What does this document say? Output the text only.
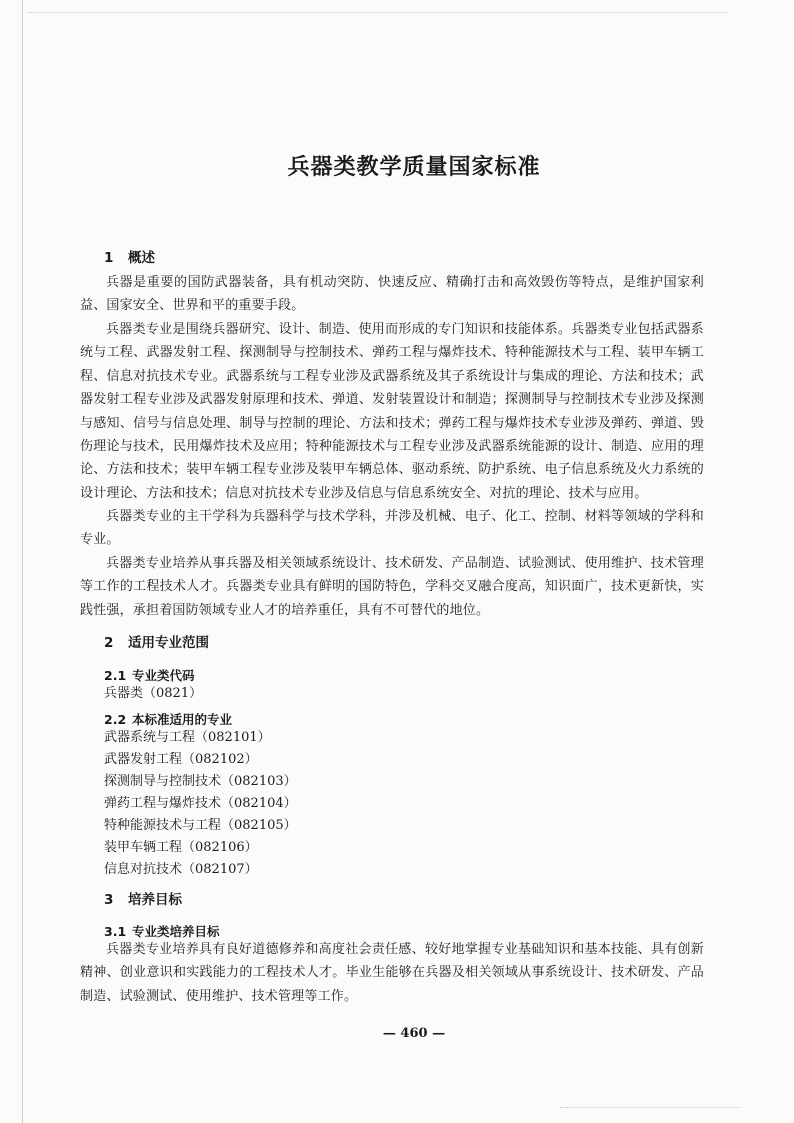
兵器类教学质量国家标准

1 概述

兵器是重要的国防武器装备，具有机动突防、快速反应、精确打击和高效毁伤等特点，是维护国家利益、国家安全、世界和平的重要手段。

兵器类专业是围绕兵器研究、设计、制造、使用而形成的专门知识和技能体系。兵器类专业包括武器系统与工程、武器发射工程、探测制导与控制技术、弹药工程与爆炸技术、特种能源技术与工程、装甲车辆工程、信息对抗技术专业。武器系统与工程专业涉及武器系统及其子系统设计与集成的理论、方法和技术；武器发射工程专业涉及武器发射原理和技术、弹道、发射装置设计和制造；探测制导与控制技术专业涉及探测与感知、信号与信息处理、制导与控制的理论、方法和技术；弹药工程与爆炸技术专业涉及弹药、弹道、毁伤理论与技术，民用爆炸技术及应用；特种能源技术与工程专业涉及武器系统能源的设计、制造、应用的理论、方法和技术；装甲车辆工程专业涉及装甲车辆总体、驱动系统、防护系统、电子信息系统及火力系统的设计理论、方法和技术；信息对抗技术专业涉及信息与信息系统安全、对抗的理论、技术与应用。

兵器类专业的主干学科为兵器科学与技术学科，并涉及机械、电子、化工、控制、材料等领域的学科和专业。

兵器类专业培养从事兵器及相关领域系统设计、技术研发、产品制造、试验测试、使用维护、技术管理等工作的工程技术人才。兵器类专业具有鲜明的国防特色，学科交叉融合度高，知识面广，技术更新快，实践性强，承担着国防领域专业人才的培养重任，具有不可替代的地位。

2 适用专业范围

2.1 专业类代码

兵器类（0821）

2.2 本标准适用的专业

武器系统与工程（082101）

武器发射工程（082102）

探测制导与控制技术（082103）

弹药工程与爆炸技术（082104）

特种能源技术与工程（082105）

装甲车辆工程（082106）

信息对抗技术（082107）

3 培养目标

3.1 专业类培养目标

兵器类专业培养具有良好道德修养和高度社会责任感、较好地掌握专业基础知识和基本技能、具有创新精神、创业意识和实践能力的工程技术人才。毕业生能够在兵器及相关领域从事系统设计、技术研发、产品制造、试验测试、使用维护、技术管理等工作。

— 460 —
